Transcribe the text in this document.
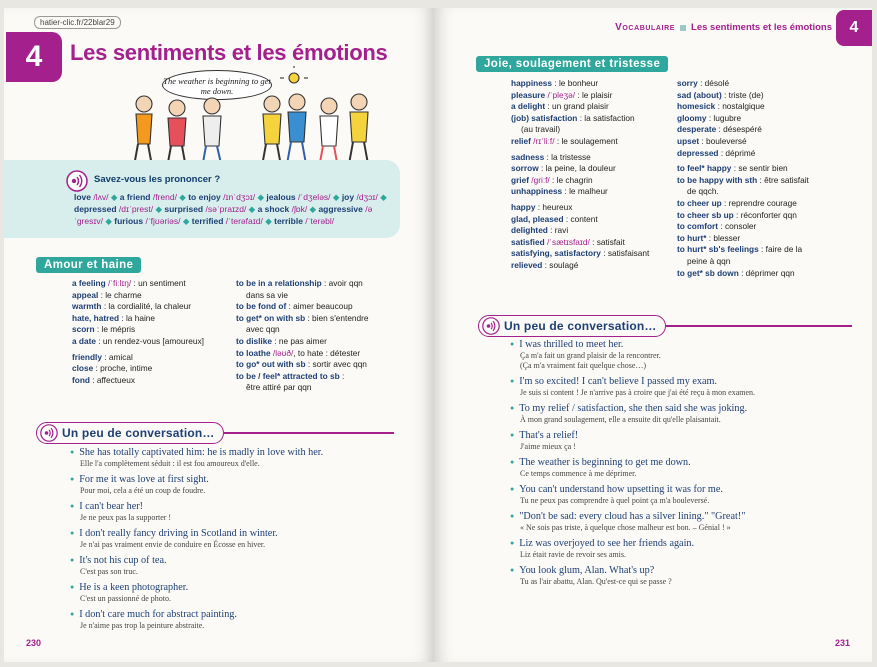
hatier-clic.fr/22blar29
4	Les sentiments et les émotions
The weather is beginning to get me down.
Savez-vous les prononcer ?
love /lʌv/ ◆ a friend /frend/ ◆ to enjoy /ɪnˈdʒɔɪ/ ◆ jealous /ˈdʒeləs/ ◆ joy /dʒɔɪ/ ◆ depressed /dɪˈprest/ ◆ surprised /səˈpraɪzd/ ◆ a shock /ʃɒk/ ◆ aggressive /əˈgresɪv/ ◆ furious /ˈfjʊəriəs/ ◆ terrified /ˈterəfaɪd/ ◆ terrible /ˈterəbl/
Amour et haine
a feeling /ˈfiːlɪŋ/ : un sentiment
appeal : le charme
warmth : la cordialité, la chaleur
hate, hatred : la haine
scorn : le mépris
a date : un rendez-vous [amoureux]

friendly : amical
close : proche, intime
fond : affectueux
to be in a relationship : avoir qqn
dans sa vie
to be fond of : aimer beaucoup
to get* on with sb : bien s'entendre
avec qqn
to dislike : ne pas aimer
to loathe /ləʊð/, to hate : détester
to go* out with sb : sortir avec qqn
to be / feel* attracted to sb :
être attiré par qqn
Un peu de conversation…
● She has totally captivated him: he is madly in love with her.
Elle l'a complètement séduit : il est fou amoureux d'elle.
● For me it was love at first sight.
Pour moi, cela a été un coup de foudre.
● I can't bear her!
Je ne peux pas la supporter !
● I don't really fancy driving in Scotland in winter.
Je n'ai pas vraiment envie de conduire en Écosse en hiver.
● It's not his cup of tea.
C'est pas son truc.
● He is a keen photographer.
C'est un passionné de photo.
● I don't care much for abstract painting.
Je n'aime pas trop la peinture abstraite.
230
Vocabulaire Les sentiments et les émotions	4
Joie, soulagement et tristesse
happiness : le bonheur
pleasure /ˈpleʒə/ : le plaisir
a delight : un grand plaisir
(job) satisfaction : la satisfaction
(au travail)
relief /rɪˈliːf/ : le soulagement

sadness : la tristesse
sorrow : la peine, la douleur
grief /griːf/ : le chagrin
unhappiness : le malheur

happy : heureux
glad, pleased : content
delighted : ravi
satisfied /ˈsætɪsfaɪd/ : satisfait
satisfying, satisfactory : satisfaisant
relieved : soulagé
sorry : désolé
sad (about) : triste (de)
homesick : nostalgique
gloomy : lugubre
desperate : désespéré
upset : bouleversé
depressed : déprimé

to feel* happy : se sentir bien
to be happy with sth : être satisfait
de qqch.
to cheer up : reprendre courage
to cheer sb up : réconforter qqn
to comfort : consoler
to hurt* : blesser
to hurt* sb's feelings : faire de la
peine à qqn
to get* sb down : déprimer qqn
Un peu de conversation…
● I was thrilled to meet her.
Ça m'a fait un grand plaisir de la rencontrer.
(Ça m'a vraiment fait quelque chose…)
● I'm so excited! I can't believe I passed my exam.
Je suis si content ! Je n'arrive pas à croire que j'ai été reçu à mon examen.
● To my relief / satisfaction, she then said she was joking.
À mon grand soulagement, elle a ensuite dit qu'elle plaisantait.
● That's a relief!
J'aime mieux ça !
● The weather is beginning to get me down.
Ce temps commence à me déprimer.
● You can't understand how upsetting it was for me.
Tu ne peux pas comprendre à quel point ça m'a bouleversé.
● "Don't be sad: every cloud has a silver lining." "Great!"
« Ne sois pas triste, à quelque chose malheur est bon. – Génial ! »
● Liz was overjoyed to see her friends again.
Liz était ravie de revoir ses amis.
● You look glum, Alan. What's up?
Tu as l'air abattu, Alan. Qu'est-ce qui se passe ?
231
